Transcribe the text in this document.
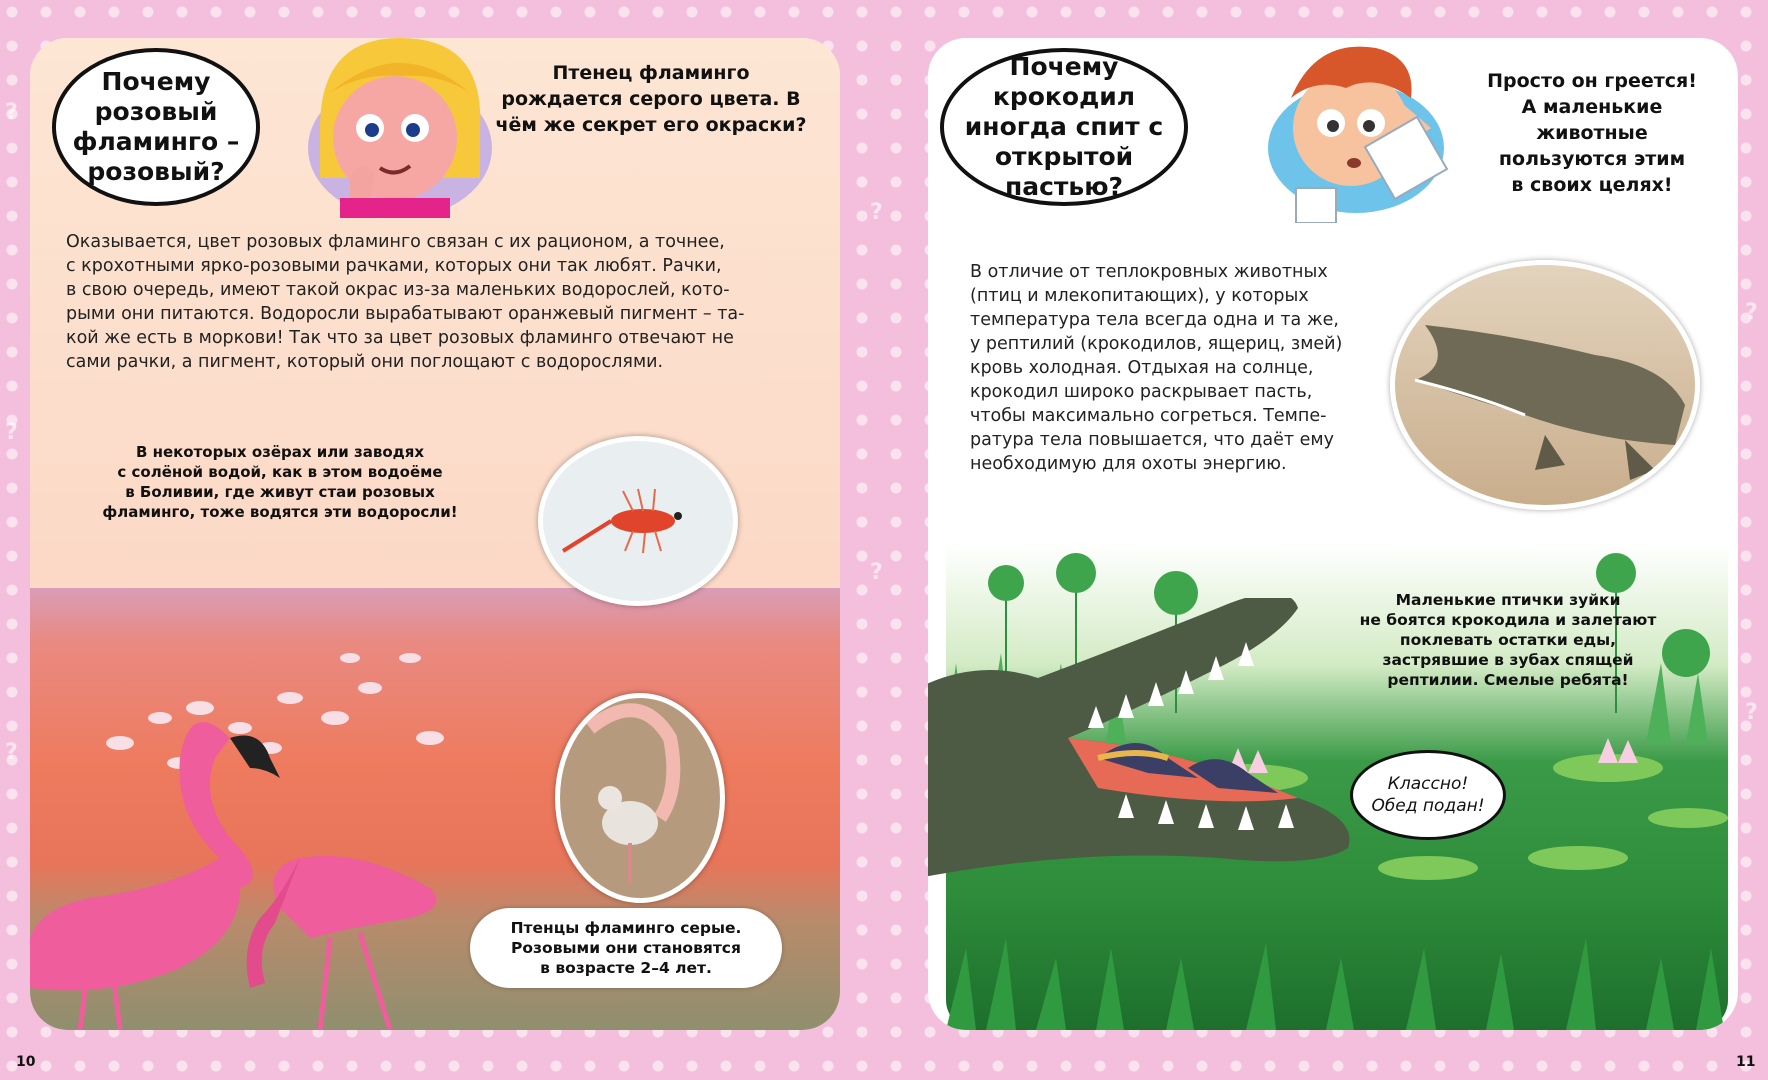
?
?
?
?
?
?
?
Почему розовый фламинго – розовый?
Птенец фламинго рождается серого цвета. В чём же секрет его окраски?
Оказывается, цвет розовых фламинго связан с их рационом, а точнее,
с крохотными ярко-розовыми рачками, которых они так любят. Рачки,
в свою очередь, имеют такой окрас из-за маленьких водорослей, кото-
рыми они питаются. Водоросли вырабатывают оранжевый пигмент – та-
кой же есть в моркови! Так что за цвет розовых фламинго отвечают не
сами рачки, а пигмент, который они поглощают с водорослями.
В некоторых озёрах или заводях
с солёной водой, как в этом водоёме
в Боливии, где живут стаи розовых
фламинго, тоже водятся эти водоросли!
Птенцы фламинго серые.
Розовыми они становятся
в возрасте 2–4 лет.
10
Почему крокодил иногда спит с открытой пастью?
Просто он греется!
А маленькие
животные
пользуются этим
в своих целях!
В отличие от теплокровных животных
(птиц и млекопитающих), у которых
температура тела всегда одна и та же,
у рептилий (крокодилов, ящериц, змей)
кровь холодная. Отдыхая на солнце,
крокодил широко раскрывает пасть,
чтобы максимально согреться. Темпе-
ратура тела повышается, что даёт ему
необходимую для охоты энергию.
Маленькие птички зуйки
не боятся крокодила и залетают
поклевать остатки еды,
застрявшие в зубах спящей
рептилии. Смелые ребята!
Классно!
Обед подан!
11
